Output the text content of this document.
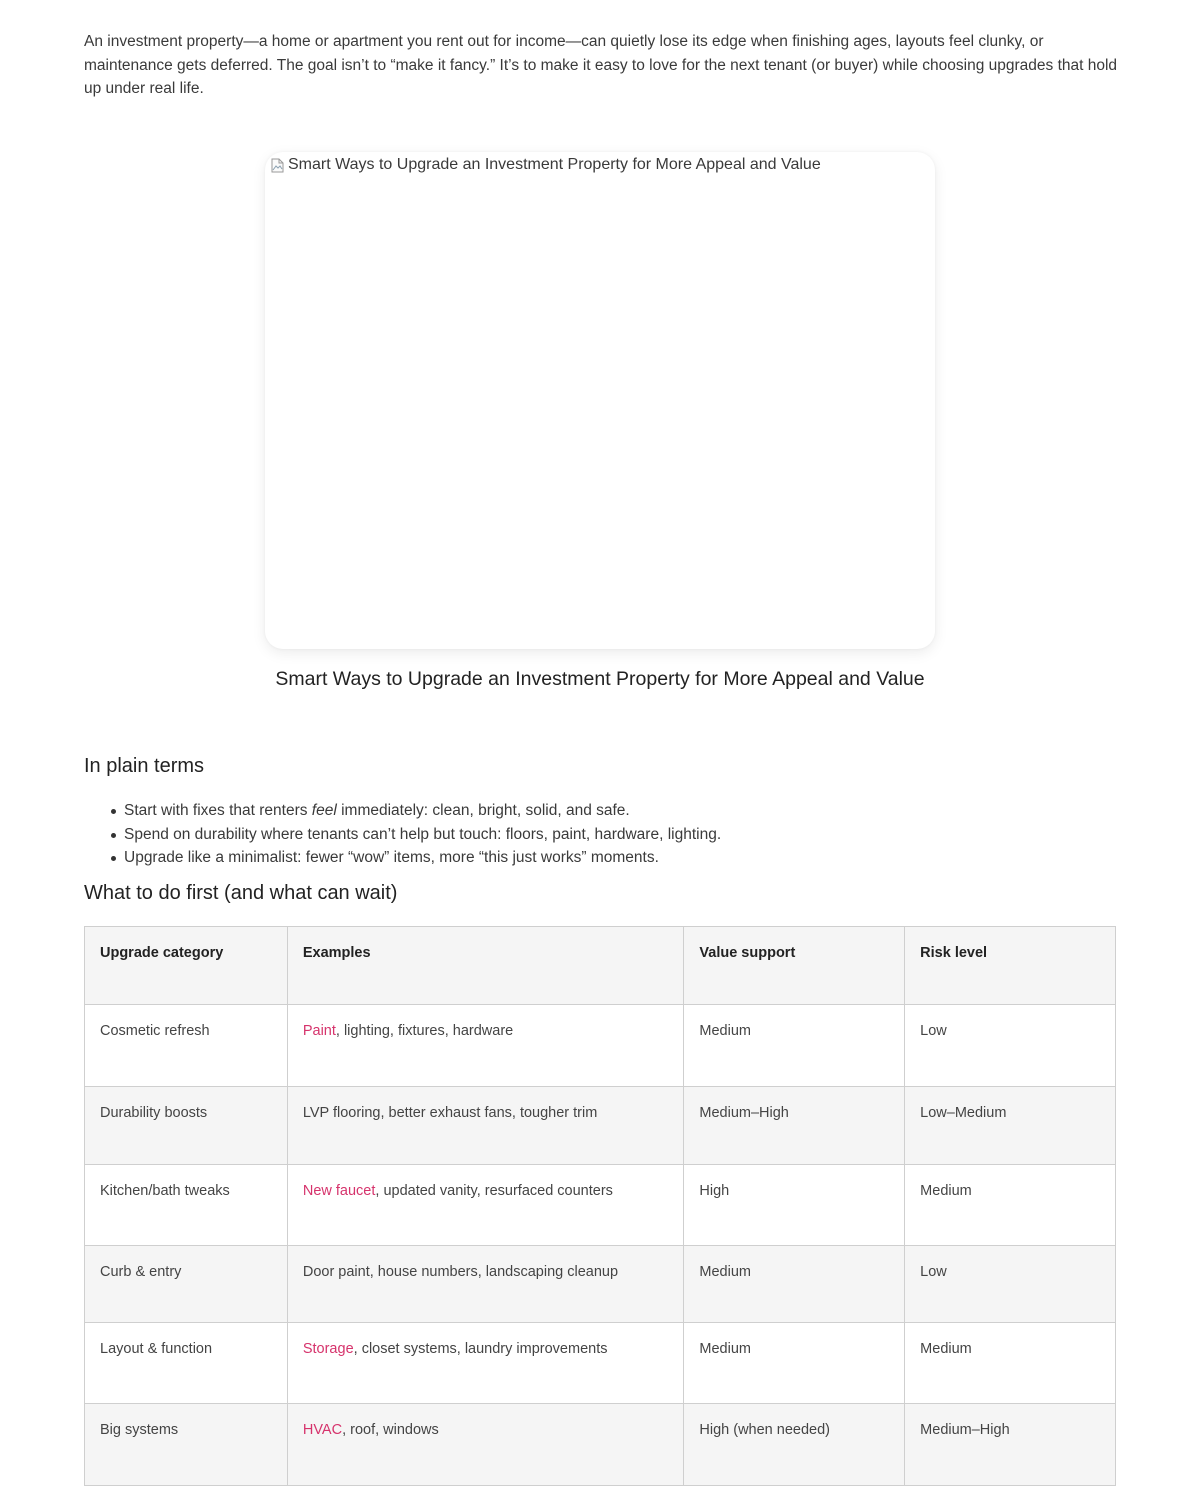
An investment property—a home or apartment you rent out for income—can quietly lose its edge when finishing ages, layouts feel clunky, or maintenance gets deferred. The goal isn’t to “make it fancy.” It’s to make it easy to love for the next tenant (or buyer) while choosing upgrades that hold up under real life.

Smart Ways to Upgrade an Investment Property for More Appeal and Value
Smart Ways to Upgrade an Investment Property for More Appeal and Value
In plain terms
Start with fixes that renters feel immediately: clean, bright, solid, and safe.
Spend on durability where tenants can’t help but touch: floors, paint, hardware, lighting.
Upgrade like a minimalist: fewer “wow” items, more “this just works” moments.
What to do first (and what can wait)
Upgrade category	Examples	Value support	Risk level
Cosmetic refresh	Paint, lighting, fixtures, hardware	Medium	Low
Durability boosts	LVP flooring, better exhaust fans, tougher trim	Medium–High	Low–Medium
Kitchen/bath tweaks	New faucet, updated vanity, resurfaced counters	High	Medium
Curb & entry	Door paint, house numbers, landscaping cleanup	Medium	Low
Layout & function	Storage, closet systems, laundry improvements	Medium	Medium
Big systems	HVAC, roof, windows	High (when needed)	Medium–High
